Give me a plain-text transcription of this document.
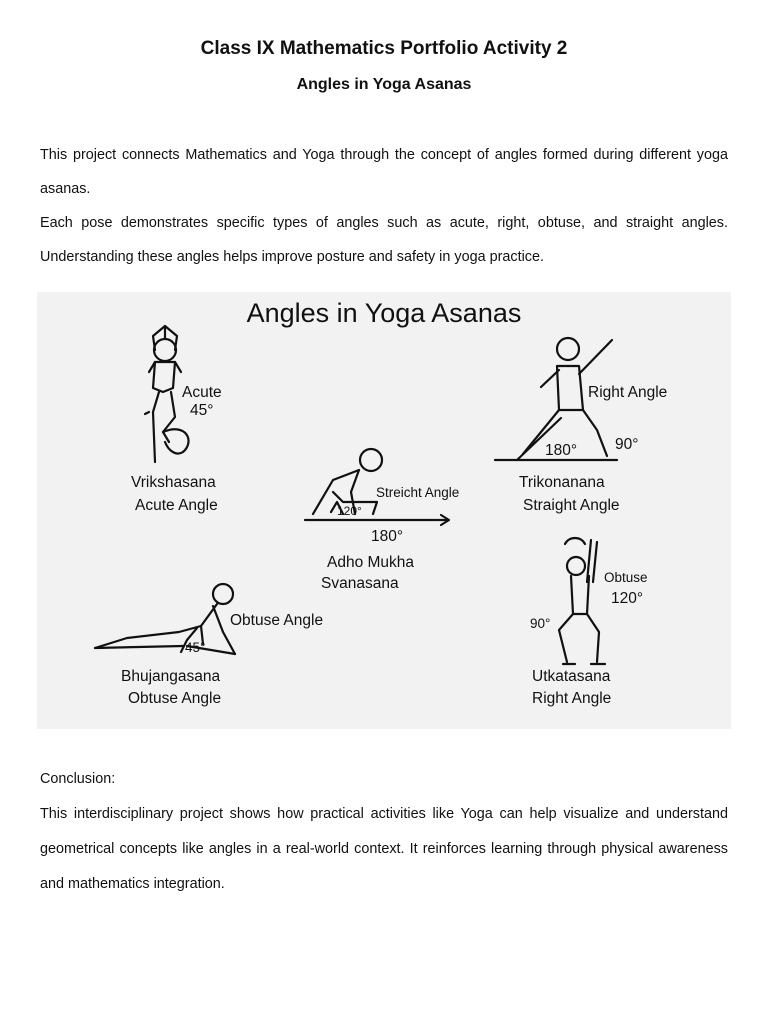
Class IX Mathematics Portfolio Activity 2
Angles in Yoga Asanas
This project connects Mathematics and Yoga through the concept of angles formed during different yoga asanas.
Each pose demonstrates specific types of angles such as acute, right, obtuse, and straight angles. Understanding these angles helps improve posture and safety in yoga practice.
Angles in Yoga Asanas
Acute
45°
Vrikshasana
Acute Angle
Right Angle
180° 90°
Trikonanana
Straight Angle
Streicht Angle
120°
180°
Adho Mukha
Svanasana
Obtuse Angle
45°
Bhujangasana
Obtuse Angle
Obtuse
120°
90°
Utkatasana
Right Angle
Conclusion:
This interdisciplinary project shows how practical activities like Yoga can help visualize and understand geometrical concepts like angles in a real-world context. It reinforces learning through physical awareness and mathematics integration.
